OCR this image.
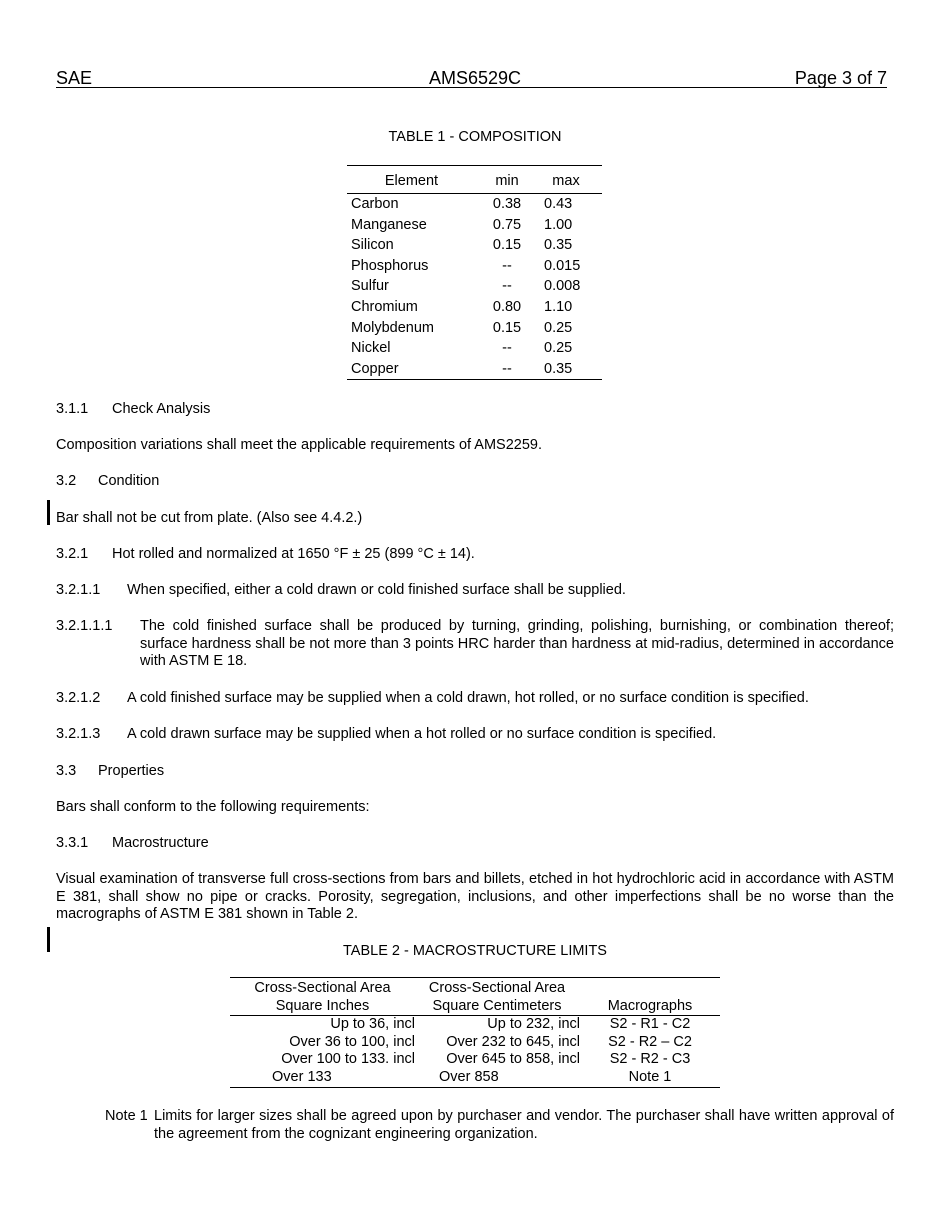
SAE	AMS6529C	Page 3 of 7
TABLE 1 - COMPOSITION
Element	min	max
Carbon	0.38	0.43
Manganese	0.75	1.00
Silicon	0.15	0.35
Phosphorus	--	0.015
Sulfur	--	0.008
Chromium	0.80	1.10
Molybdenum	0.15	0.25
Nickel	--	0.25
Copper	--	0.35
3.1.1 Check Analysis
Composition variations shall meet the applicable requirements of AMS2259.
3.2 Condition
Bar shall not be cut from plate. (Also see 4.4.2.)
3.2.1 Hot rolled and normalized at 1650 °F ± 25 (899 °C ± 14).
3.2.1.1 When specified, either a cold drawn or cold finished surface shall be supplied.
3.2.1.1.1 The cold finished surface shall be produced by turning, grinding, polishing, burnishing, or combination thereof; surface hardness shall be not more than 3 points HRC harder than hardness at mid-radius, determined in accordance with ASTM E 18.
3.2.1.2 A cold finished surface may be supplied when a cold drawn, hot rolled, or no surface condition is specified.
3.2.1.3 A cold drawn surface may be supplied when a hot rolled or no surface condition is specified.
3.3 Properties
Bars shall conform to the following requirements:
3.3.1 Macrostructure
Visual examination of transverse full cross-sections from bars and billets, etched in hot hydrochloric acid in accordance with ASTM E 381, shall show no pipe or cracks. Porosity, segregation, inclusions, and other imperfections shall be no worse than the macrographs of ASTM E 381 shown in Table 2.
TABLE 2 - MACROSTRUCTURE LIMITS
Cross-Sectional Area
Square Inches
Cross-Sectional Area
Square Centimeters	Macrographs
Up to 36, incl	Up to 232, incl	S2 - R1 - C2
Over 36 to 100, incl	Over 232 to 645, incl	S2 - R2 – C2
Over 100 to 133. incl	Over 645 to 858, incl	S2 - R2 - C3
Over 133	Over 858	Note 1
Note 1 Limits for larger sizes shall be agreed upon by purchaser and vendor. The purchaser shall have written approval of the agreement from the cognizant engineering organization.
